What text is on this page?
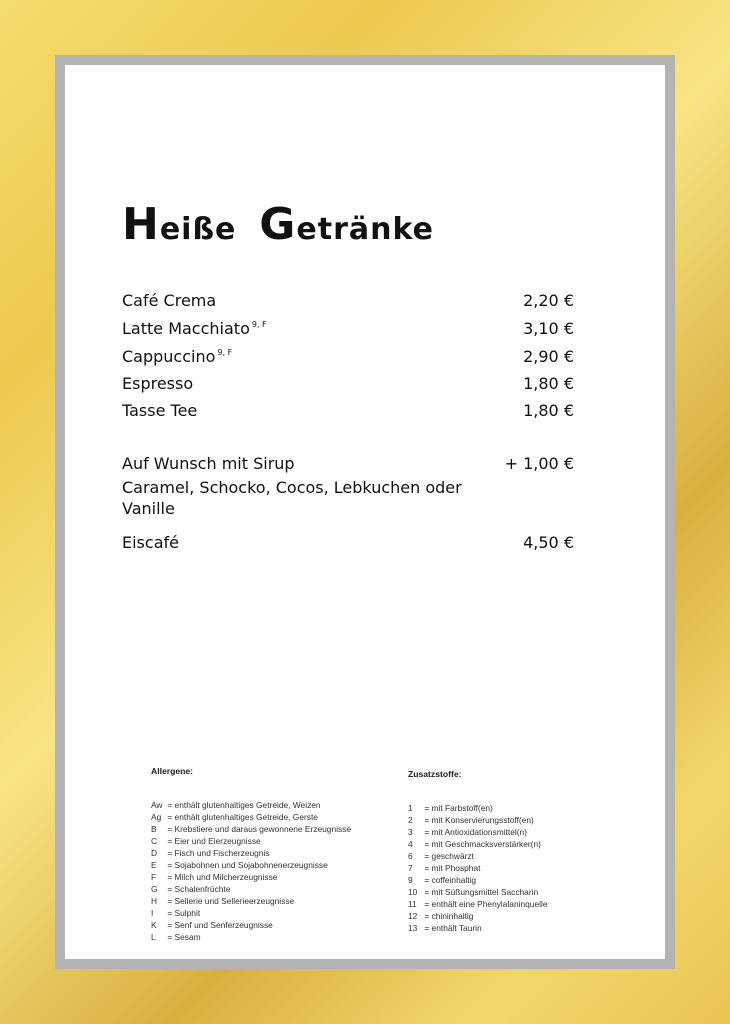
Heiße Getränke
Café Crema	2,20 €
Latte Macchiato $^{9, F}$	3,10 €
Cappuccino $^{9, F}$	2,90 €
Espresso	1,80 €
Tasse Tee	1,80 €
Auf Wunsch mit Sirup	+ 1,00 €
Caramel, Schocko, Cocos, Lebkuchen oder Vanille
Eiscafé	4,50 €
Allergene:
Aw = enthält glutenhaltiges Getreide, Weizen
Ag = enthält glutenhaltiges Getreide, Gerste
B = Krebstiere und daraus gewonnene Erzeugnisse
C = Eier und Eierzeugnisse
D = Fisch und Fischerzeugnis
E = Sojabohnen und Sojabohnenerzeugnisse
F = Milch und Milcherzeugnisse
G = Schalenfrüchte
H = Sellerie und Sellerieerzeugnisse
I = Sulphit
K = Senf und Senferzeugnisse
L = Sesam
Zusatzstoffe:
1 = mit Farbstoff(en)
2 = mit Konservierungsstoff(en)
3 = mit Antioxidationsmittel(n)
4 = mit Geschmacksverstärker(n)
6 = geschwärzt
7 = mit Phosphat
9 = coffeinhaltig
10 = mit Süßungsmittel Saccharin
11 = enthält eine Phenylalaninquelle
12 = chininhaltig
13 = enthält Taurin
